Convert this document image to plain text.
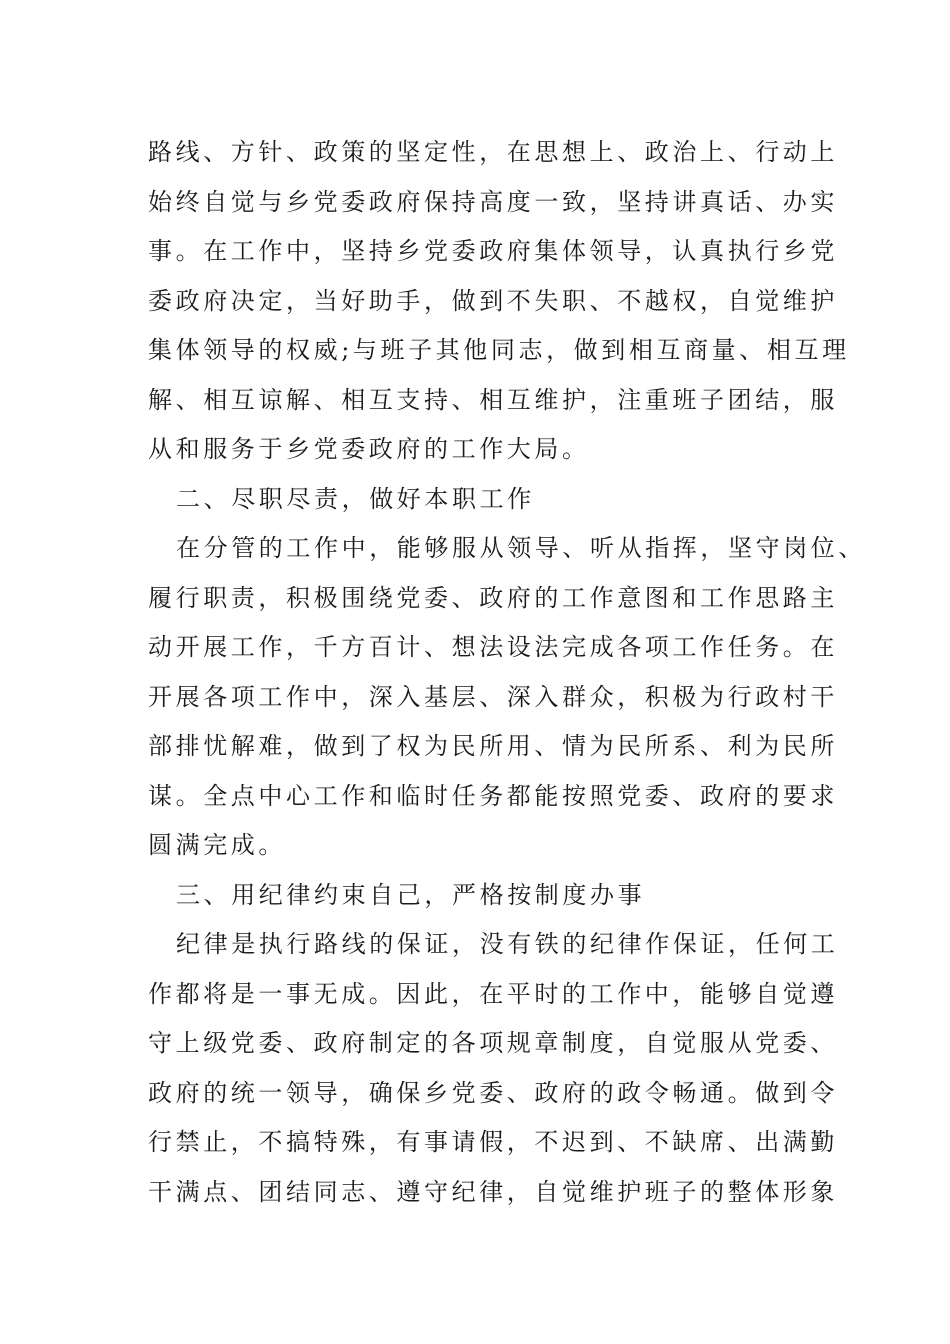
路线、方针、政策的坚定性，在思想上、政治上、行动上
始终自觉与乡党委政府保持高度一致，坚持讲真话、办实
事。在工作中，坚持乡党委政府集体领导，认真执行乡党
委政府决定，当好助手，做到不失职、不越权，自觉维护
集体领导的权威;与班子其他同志，做到相互商量、相互理
解、相互谅解、相互支持、相互维护，注重班子团结，服
从和服务于乡党委政府的工作大局。
二、尽职尽责，做好本职工作
在分管的工作中，能够服从领导、听从指挥，坚守岗位、
履行职责，积极围绕党委、政府的工作意图和工作思路主
动开展工作，千方百计、想法设法完成各项工作任务。在
开展各项工作中，深入基层、深入群众，积极为行政村干
部排忧解难，做到了权为民所用、情为民所系、利为民所
谋。全点中心工作和临时任务都能按照党委、政府的要求
圆满完成。
三、用纪律约束自己，严格按制度办事
纪律是执行路线的保证，没有铁的纪律作保证，任何工
作都将是一事无成。因此，在平时的工作中，能够自觉遵
守上级党委、政府制定的各项规章制度，自觉服从党委、
政府的统一领导，确保乡党委、政府的政令畅通。做到令
行禁止，不搞特殊，有事请假，不迟到、不缺席、出满勤
干满点、团结同志、遵守纪律，自觉维护班子的整体形象
